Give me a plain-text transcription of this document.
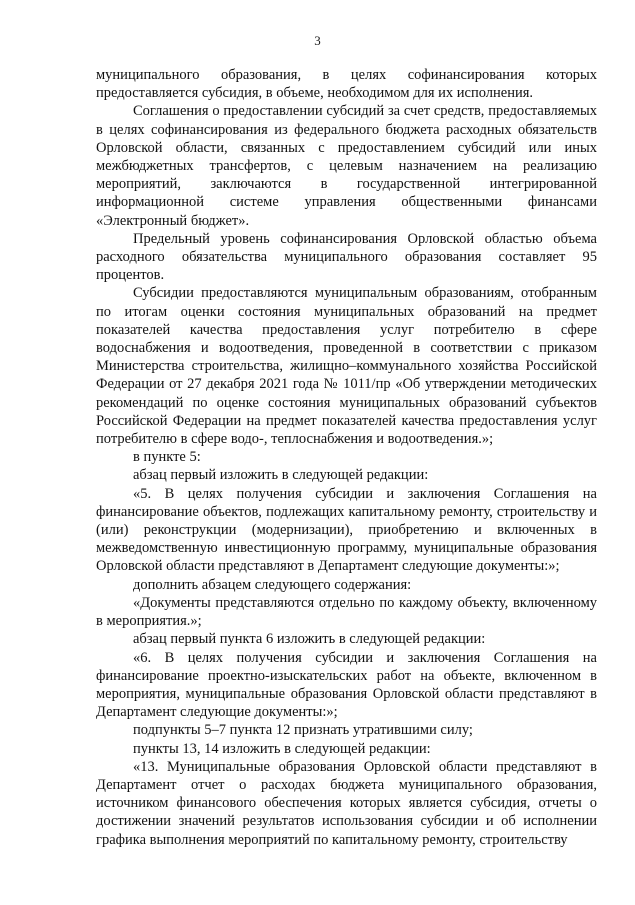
3

муниципального образования, в целях софинансирования которых предоставляется субсидия, в объеме, необходимом для их исполнения.

Соглашения о предоставлении субсидий за счет средств, предоставляемых в целях софинансирования из федерального бюджета расходных обязательств Орловской области, связанных с предоставлением субсидий или иных межбюджетных трансфертов, с целевым назначением на реализацию мероприятий, заключаются в государственной интегрированной информационной системе управления общественными финансами «Электронный бюджет».

Предельный уровень софинансирования Орловской областью объема расходного обязательства муниципального образования составляет 95 процентов.

Субсидии предоставляются муниципальным образованиям, отобранным по итогам оценки состояния муниципальных образований на предмет показателей качества предоставления услуг потребителю в сфере водоснабжения и водоотведения, проведенной в соответствии с приказом Министерства строительства, жилищно–коммунального хозяйства Российской Федерации от 27 декабря 2021 года № 1011/пр «Об утверждении методических рекомендаций по оценке состояния муниципальных образований субъектов Российской Федерации на предмет показателей качества предоставления услуг потребителю в сфере водо-, теплоснабжения и водоотведения.»;

в пункте 5:

абзац первый изложить в следующей редакции:

«5. В целях получения субсидии и заключения Соглашения на финансирование объектов, подлежащих капитальному ремонту, строительству и (или) реконструкции (модернизации), приобретению и включенных в межведомственную инвестиционную программу, муниципальные образования Орловской области представляют в Департамент следующие документы:»;

дополнить абзацем следующего содержания:

«Документы представляются отдельно по каждому объекту, включенному в мероприятия.»;

абзац первый пункта 6 изложить в следующей редакции:

«6. В целях получения субсидии и заключения Соглашения на финансирование проектно-изыскательских работ на объекте, включенном в мероприятия, муниципальные образования Орловской области представляют в Департамент следующие документы:»;

подпункты 5–7 пункта 12 признать утратившими силу;

пункты 13, 14 изложить в следующей редакции:

«13. Муниципальные образования Орловской области представляют в Департамент отчет о расходах бюджета муниципального образования, источником финансового обеспечения которых является субсидия, отчеты о достижении значений результатов использования субсидии и об исполнении графика выполнения мероприятий по капитальному ремонту, строительству
